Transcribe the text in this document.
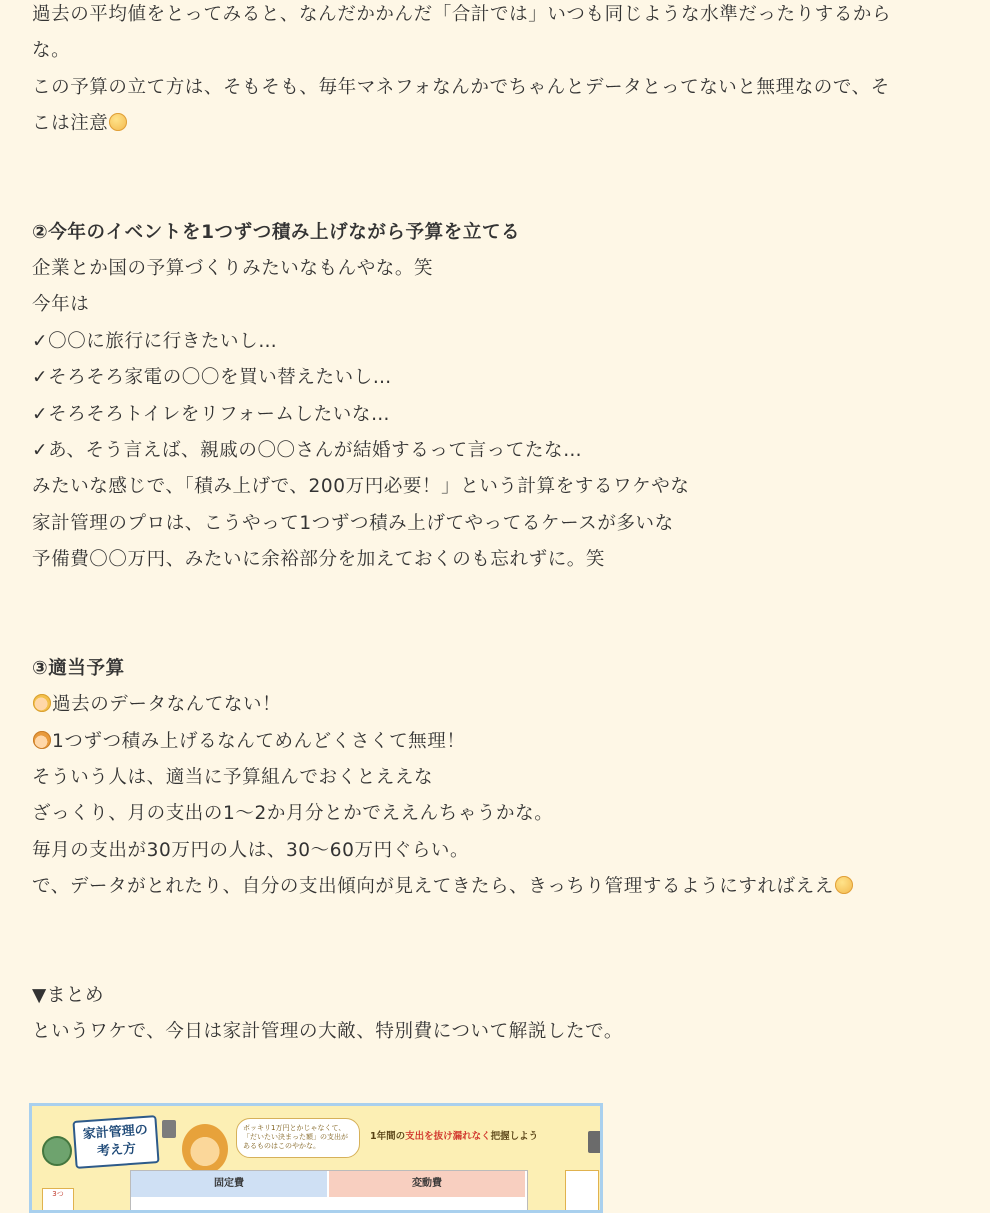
過去の平均値をとってみると、なんだかかんだ「合計では」いつも同じような水準だったりするから

な。

この予算の立て方は、そもそも、毎年マネフォなんかでちゃんとデータとってないと無理なので、そ

こは注意

②今年のイベントを1つずつ積み上げながら予算を立てる

企業とか国の予算づくりみたいなもんやな。笑

今年は

✓〇〇に旅行に行きたいし…

✓そろそろ家電の〇〇を買い替えたいし…

✓そろそろトイレをリフォームしたいな…

✓あ、そう言えば、親戚の〇〇さんが結婚するって言ってたな…

みたいな感じで、「積み上げで、200万円必要！」という計算をするワケやな

家計管理のプロは、こうやって1つずつ積み上げてやってるケースが多いな

予備費〇〇万円、みたいに余裕部分を加えておくのも忘れずに。笑

③適当予算

過去のデータなんてない！

1つずつ積み上げるなんてめんどくさくて無理！

そういう人は、適当に予算組んでおくとええな

ざっくり、月の支出の1〜2か月分とかでええんちゃうかな。

毎月の支出が30万円の人は、30〜60万円ぐらい。

で、データがとれたり、自分の支出傾向が見えてきたら、きっちり管理するようにすればええ

▼まとめ

というワケで、今日は家計管理の大敵、特別費について解説したで。

家計管理の
考え方
ボッキリ1万円とかじゃなくて、「だいたい決まった額」の支出があるものはこのやかな。
1年間の支出を抜け漏れなく把握しよう
3つ
固定費	変動費
